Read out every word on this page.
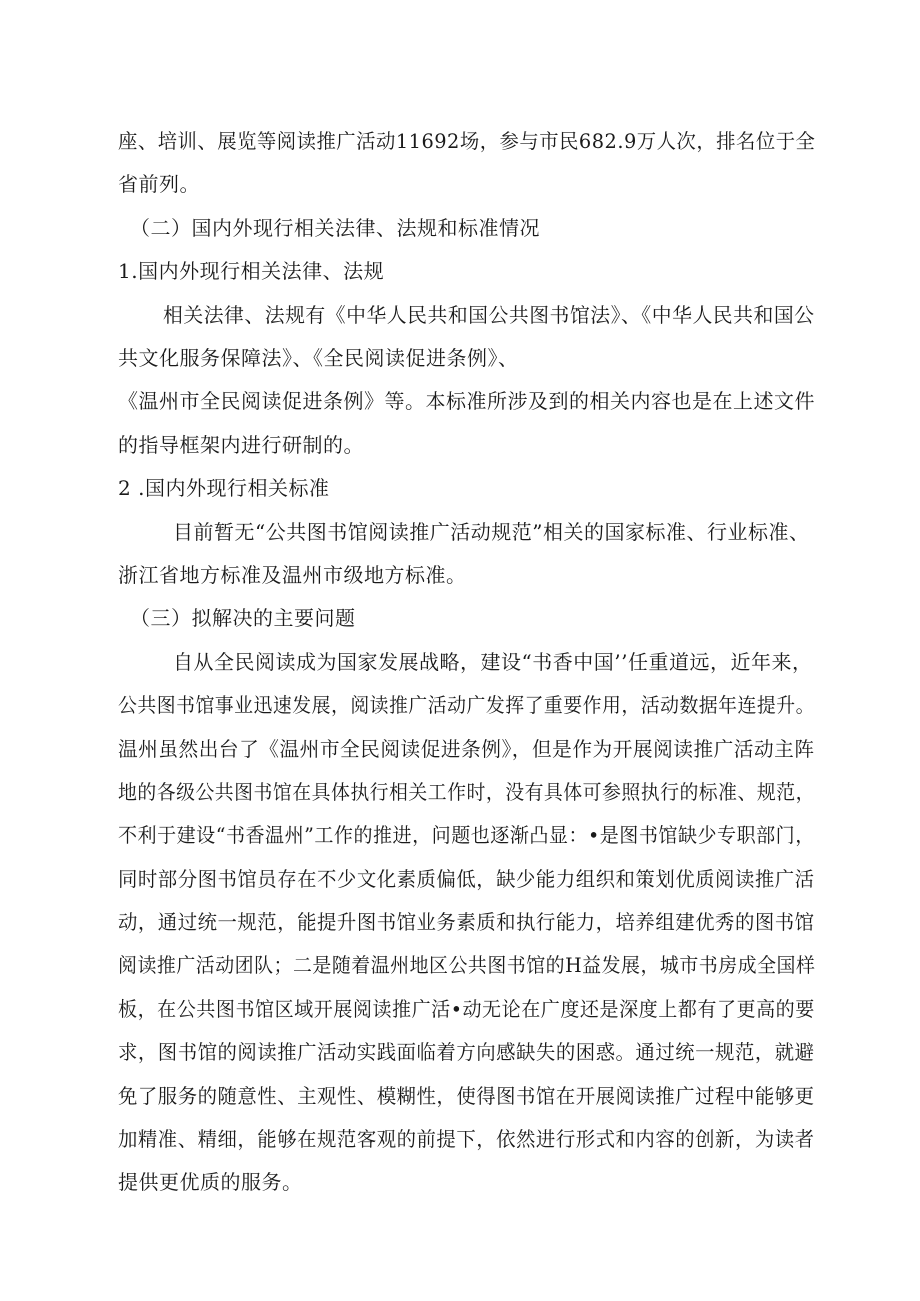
座、培训、展览等阅读推广活动11692场，参与市民682.9万人次，排名位于全
省前列。
（二）国内外现行相关法律、法规和标准情况
1.国内外现行相关法律、法规
相关法律、法规有《中华人民共和国公共图书馆法》、《中华人民共和国公
共文化服务保障法》、《全民阅读促进条例》、
《温州市全民阅读促进条例》等。本标准所涉及到的相关内容也是在上述文件
的指导框架内进行研制的。
2 .国内外现行相关标准
目前暂无“公共图书馆阅读推广活动规范”相关的国家标准、行业标准、
浙江省地方标准及温州市级地方标准。
（三）拟解决的主要问题
自从全民阅读成为国家发展战略，建设“书香中国’’任重道远，近年来，
公共图书馆事业迅速发展，阅读推广活动广发挥了重要作用，活动数据年连提升。
温州虽然出台了《温州市全民阅读促进条例》，但是作为开展阅读推广活动主阵
地的各级公共图书馆在具体执行相关工作时，没有具体可参照执行的标准、规范，
不利于建设“书香温州”工作的推进，问题也逐渐凸显：•是图书馆缺少专职部门，
同时部分图书馆员存在不少文化素质偏低，缺少能力组织和策划优质阅读推广活
动，通过统一规范，能提升图书馆业务素质和执行能力，培养组建优秀的图书馆
阅读推广活动团队；二是随着温州地区公共图书馆的H益发展，城市书房成全国样
板，在公共图书馆区域开展阅读推广活•动无论在广度还是深度上都有了更高的要
求，图书馆的阅读推广活动实践面临着方向感缺失的困惑。通过统一规范，就避
免了服务的随意性、主观性、模糊性，使得图书馆在开展阅读推广过程中能够更
加精准、精细，能够在规范客观的前提下，依然进行形式和内容的创新，为读者
提供更优质的服务。
